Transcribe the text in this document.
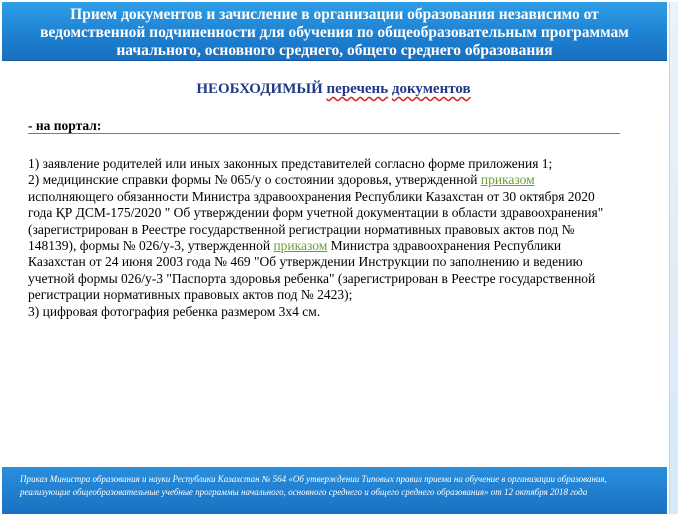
Прием документов и зачисление в организации образования независимо от ведомственной подчиненности для обучения по общеобразовательным программам начального, основного среднего, общего среднего образования
НЕОБХОДИМЫЙ перечень документов
- на портал:

1) заявление родителей или иных законных представителей согласно форме приложения 1;

2) медицинские справки формы № 065/у о состоянии здоровья, утвержденной приказом исполняющего обязанности Министра здравоохранения Республики Казахстан от 30 октября 2020 года ҚР ДСМ-175/2020 " Об утверждении форм учетной документации в области здравоохранения" (зарегистрирован в Реестре государственной регистрации нормативных правовых актов под № 148139), формы № 026/у-3, утвержденной приказом Министра здравоохранения Республики Казахстан от 24 июня 2003 года № 469 "Об утверждении Инструкции по заполнению и ведению учетной формы 026/у-3 "Паспорта здоровья ребенка" (зарегистрирован в Реестре государственной регистрации нормативных правовых актов под № 2423);

3) цифровая фотография ребенка размером 3х4 см.

Приказ Министра образования и науки Республики Казахстан № 564 «Об утверждении Типовых правил приема на обучение в организации образования, реализующие общеобразовательные учебные программы начального, основного среднего и общего среднего образования» от 12 октября 2018 года
